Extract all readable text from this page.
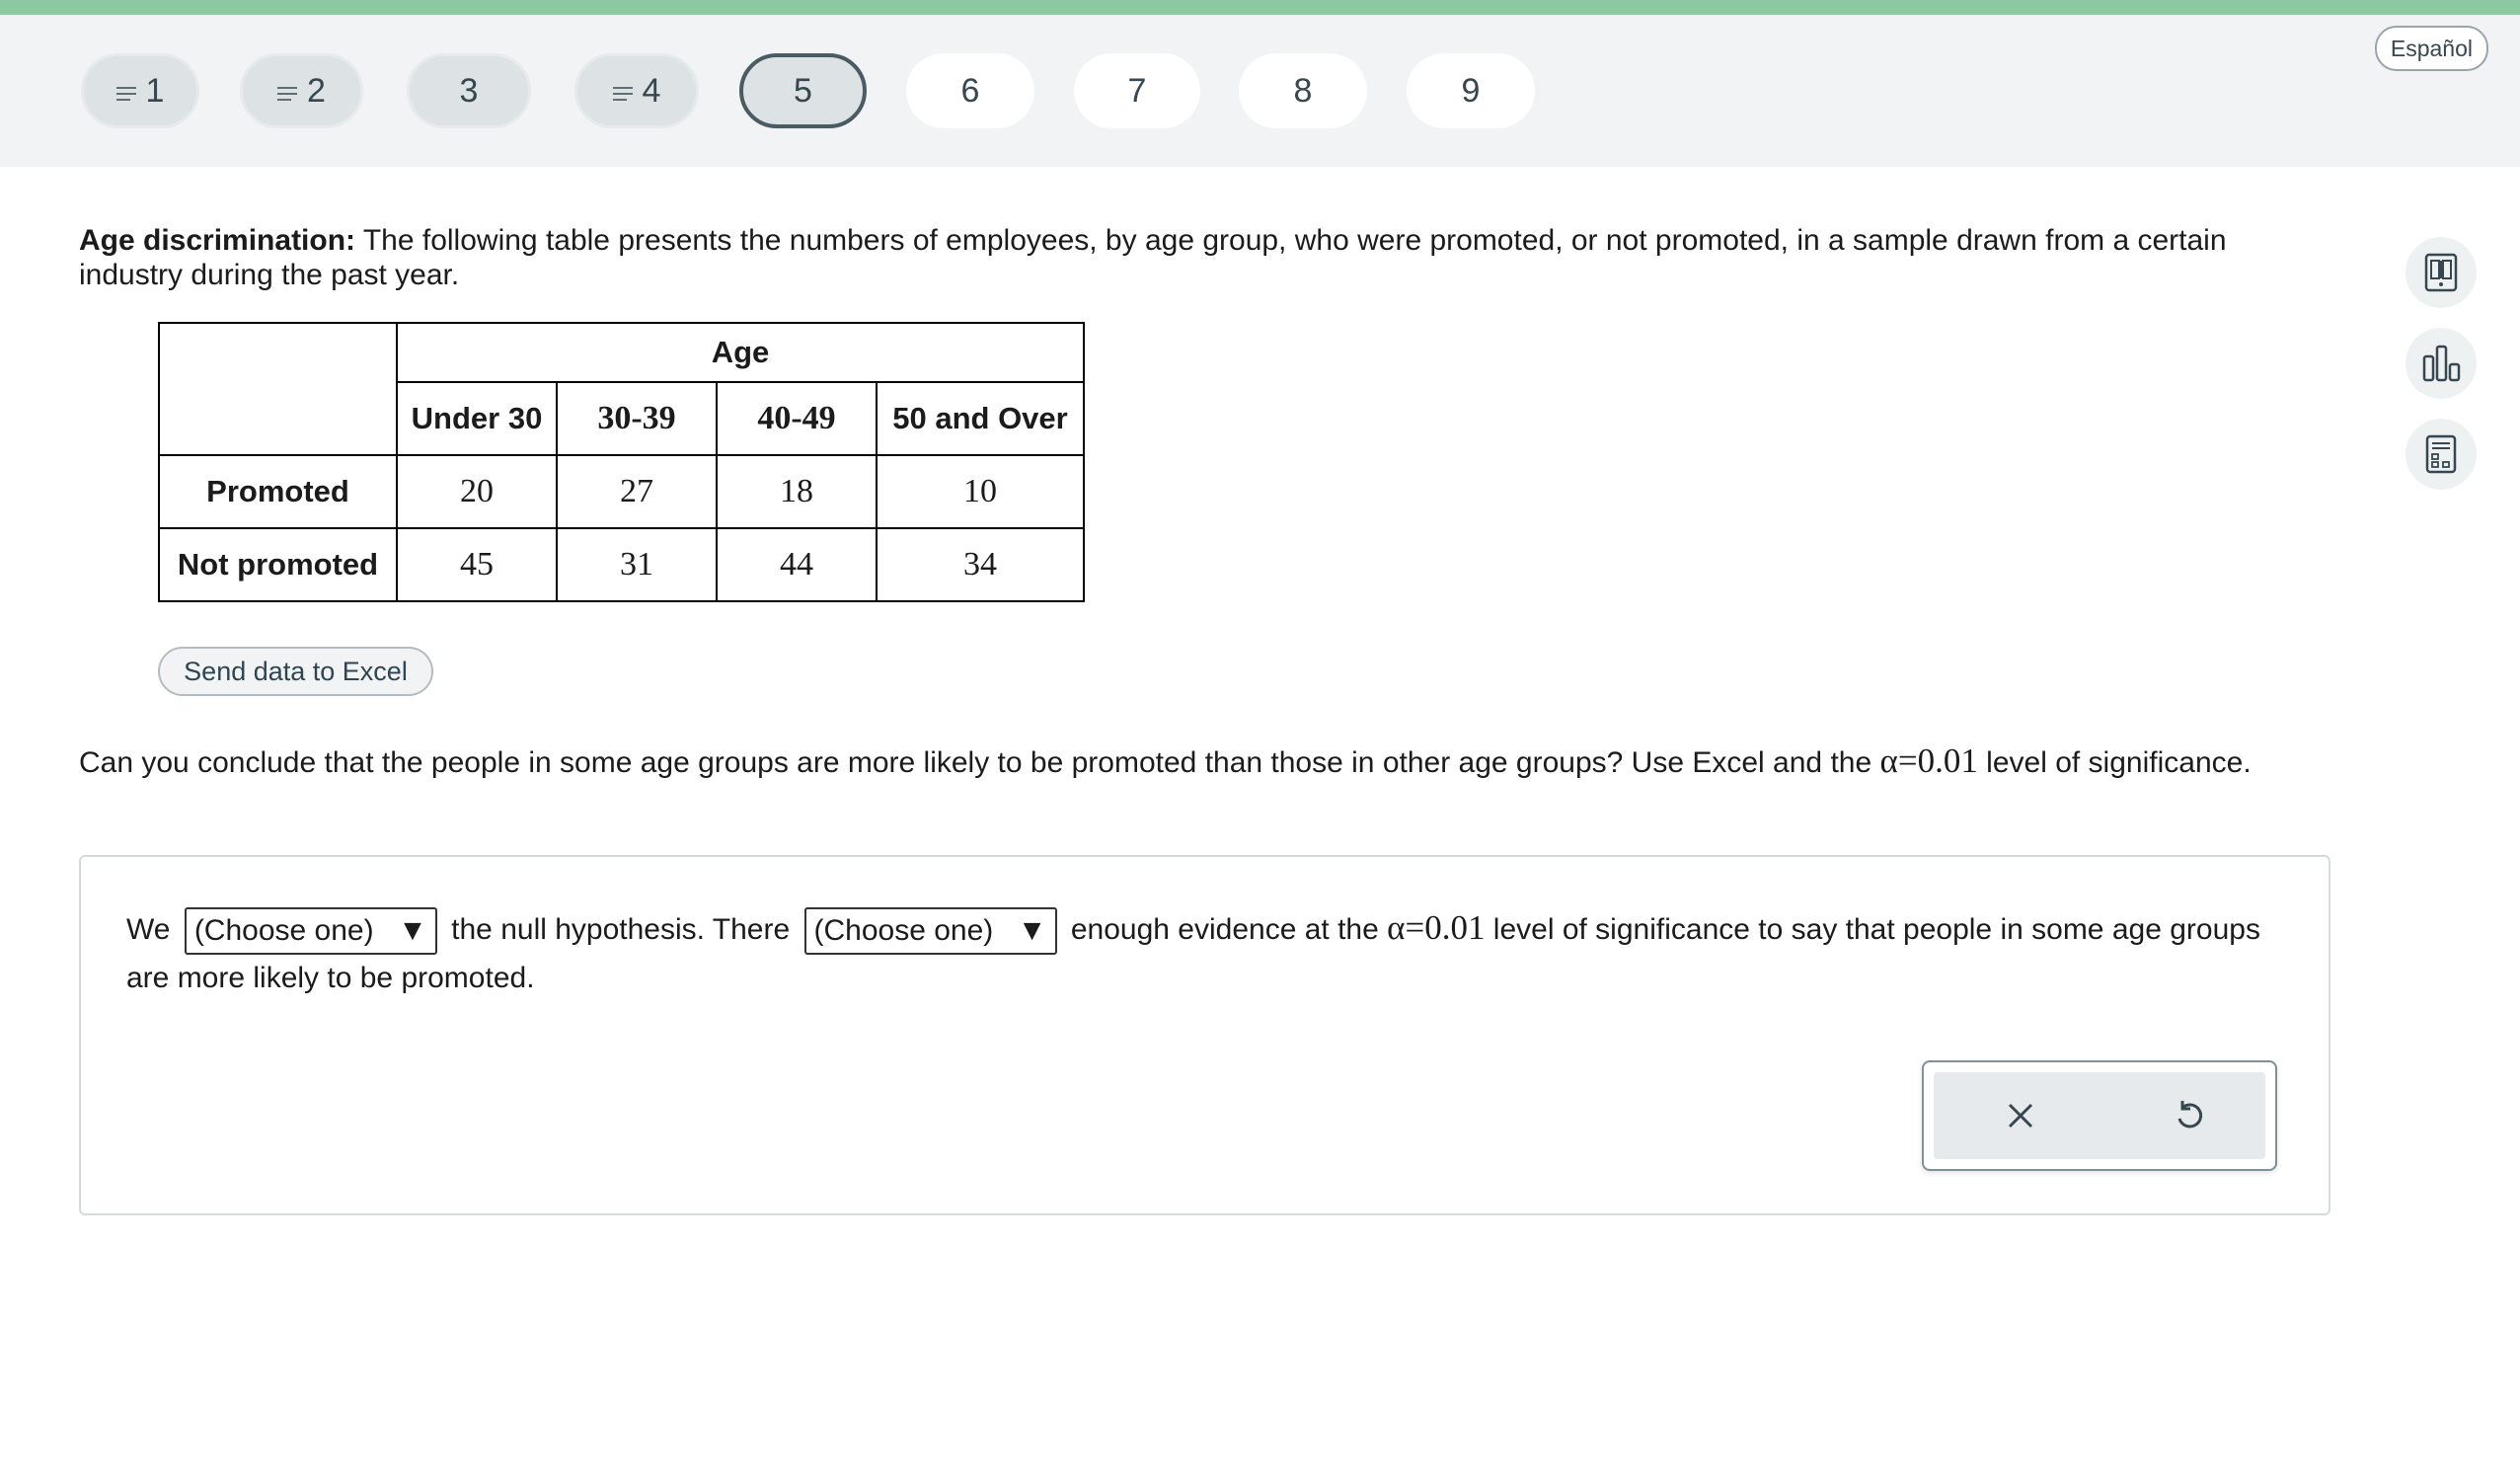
1	2	3	4	5	6	7	8	9
Español
Age discrimination: The following table presents the numbers of employees, by age group, who were promoted, or not promoted, in a sample drawn from a certain industry during the past year.
	Age			
	Under 30	30-39	40-49	50 and Over
Promoted	20	27	18	10
Not promoted	45	31	44	34
Send data to Excel
Can you conclude that the people in some age groups are more likely to be promoted than those in other age groups? Use Excel and the α=0.01 level of significance.
We (Choose one) ▼ the null hypothesis. There (Choose one) ▼ enough evidence at the α=0.01 level of significance to say that people in some age groups are more likely to be promoted.
